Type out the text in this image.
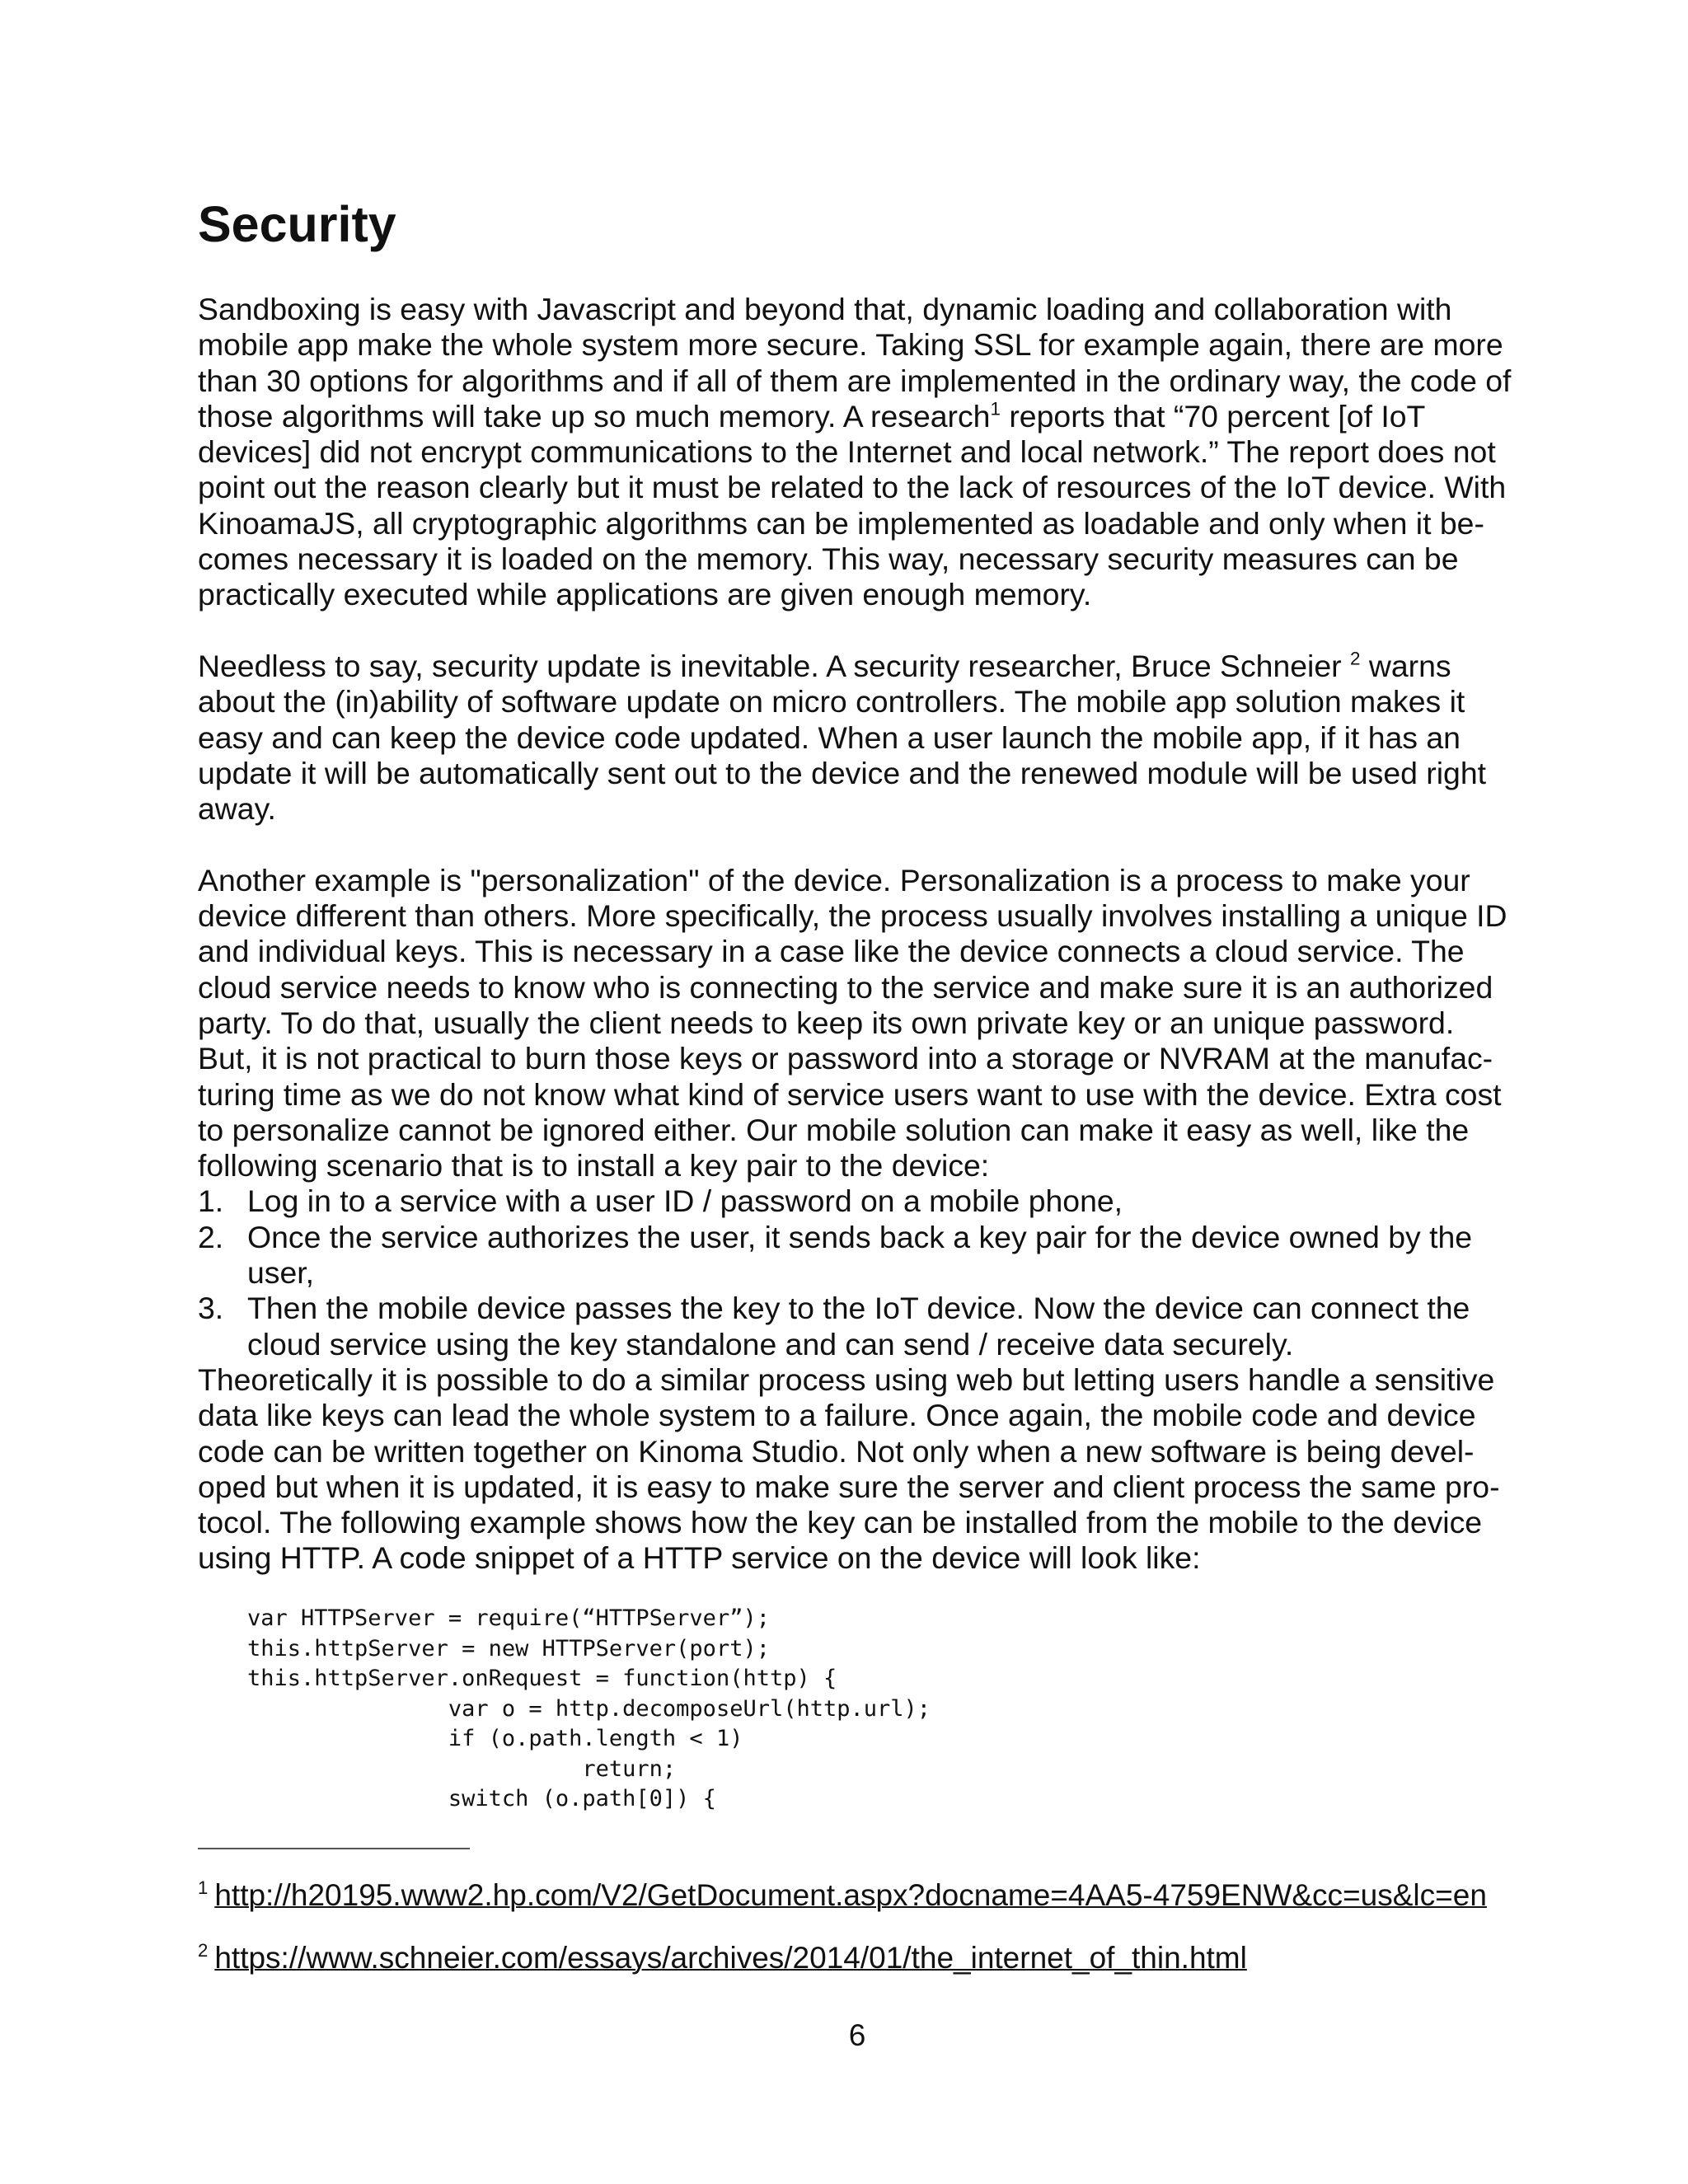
Security

Sandboxing is easy with Javascript and beyond that, dynamic loading and collaboration with mobile app make the whole system more secure. Taking SSL for example again, there are more than 30 options for algorithms and if all of them are implemented in the ordinary way, the code of those algorithms will take up so much memory. A research$^1$ reports that “70 percent [of IoT devices] did not encrypt communications to the Internet and local network.” The report does not point out the reason clearly but it must be related to the lack of resources of the IoT device. With KinoamaJS, all cryptographic algorithms can be implemented as loadable and only when it be-comes necessary it is loaded on the memory. This way, necessary security measures can be practically executed while applications are given enough memory.

Needless to say, security update is inevitable. A security researcher, Bruce Schneier $^2$ warns about the (in)ability of software update on micro controllers. The mobile app solution makes it easy and can keep the device code updated. When a user launch the mobile app, if it has an update it will be automatically sent out to the device and the renewed module will be used right away.

Another example is "personalization" of the device. Personalization is a process to make your device different than others. More specifically, the process usually involves installing a unique ID and individual keys. This is necessary in a case like the device connects a cloud service. The cloud service needs to know who is connecting to the service and make sure it is an authorized party. To do that, usually the client needs to keep its own private key or an unique password. But, it is not practical to burn those keys or password into a storage or NVRAM at the manufac-turing time as we do not know what kind of service users want to use with the device. Extra cost to personalize cannot be ignored either. Our mobile solution can make it easy as well, like the following scenario that is to install a key pair to the device:

1. Log in to a service with a user ID / password on a mobile phone,
2. Once the service authorizes the user, it sends back a key pair for the device owned by the user,
3. Then the mobile device passes the key to the IoT device. Now the device can connect the cloud service using the key standalone and can send / receive data securely.

Theoretically it is possible to do a similar process using web but letting users handle a sensitive data like keys can lead the whole system to a failure. Once again, the mobile code and device code can be written together on Kinoma Studio. Not only when a new software is being devel-oped but when it is updated, it is easy to make sure the server and client process the same pro-tocol. The following example shows how the key can be installed from the mobile to the device using HTTP. A code snippet of a HTTP service on the device will look like:

var HTTPServer = require(“HTTPServer”);
this.httpServer = new HTTPServer(port);
this.httpServer.onRequest = function(http) {
var o = http.decomposeUrl(http.url);
if (o.path.length < 1)
return;
switch (o.path[0]) {
$^1$ http://h20195.www2.hp.com/V2/GetDocument.aspx?docname=4AA5-4759ENW&cc=us&lc=en
$^2$ https://www.schneier.com/essays/archives/2014/01/the_internet_of_thin.html
6
